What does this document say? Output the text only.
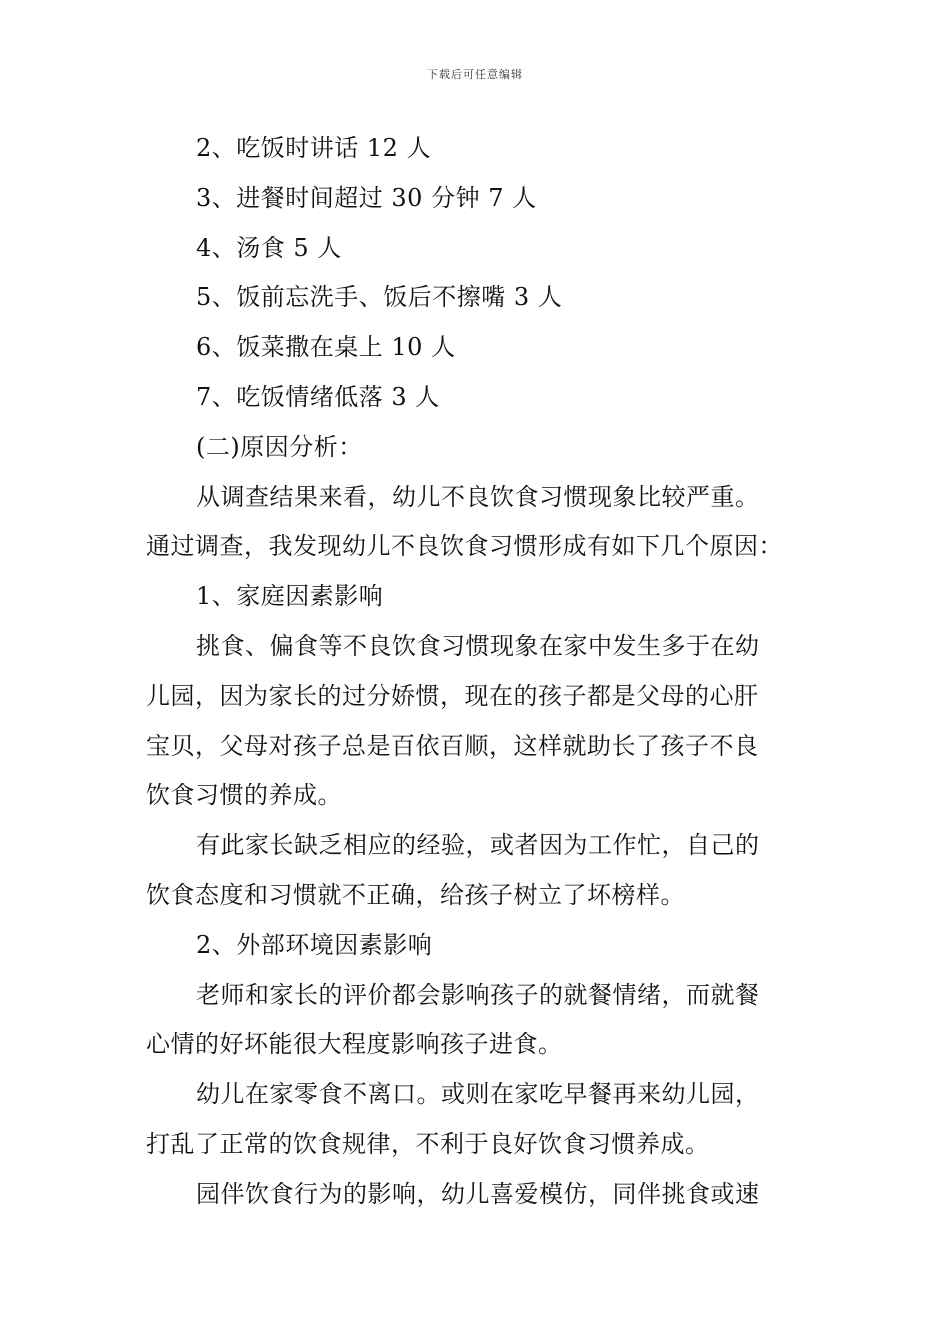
下载后可任意编辑
2、吃饭时讲话 12 人
3、进餐时间超过 30 分钟 7 人
4、汤食 5 人
5、饭前忘洗手、饭后不擦嘴 3 人
6、饭菜撒在桌上 10 人
7、吃饭情绪低落 3 人
(二)原因分析：
从调查结果来看，幼儿不良饮食习惯现象比较严重。
通过调查，我发现幼儿不良饮食习惯形成有如下几个原因：
1、家庭因素影响
挑食、偏食等不良饮食习惯现象在家中发生多于在幼
儿园，因为家长的过分娇惯，现在的孩子都是父母的心肝
宝贝，父母对孩子总是百依百顺，这样就助长了孩子不良
饮食习惯的养成。
有此家长缺乏相应的经验，或者因为工作忙，自己的
饮食态度和习惯就不正确，给孩子树立了坏榜样。
2、外部环境因素影响
老师和家长的评价都会影响孩子的就餐情绪，而就餐
心情的好坏能很大程度影响孩子进食。
幼儿在家零食不离口。或则在家吃早餐再来幼儿园，
打乱了正常的饮食规律，不利于良好饮食习惯养成。
园伴饮食行为的影响，幼儿喜爱模仿，同伴挑食或速
